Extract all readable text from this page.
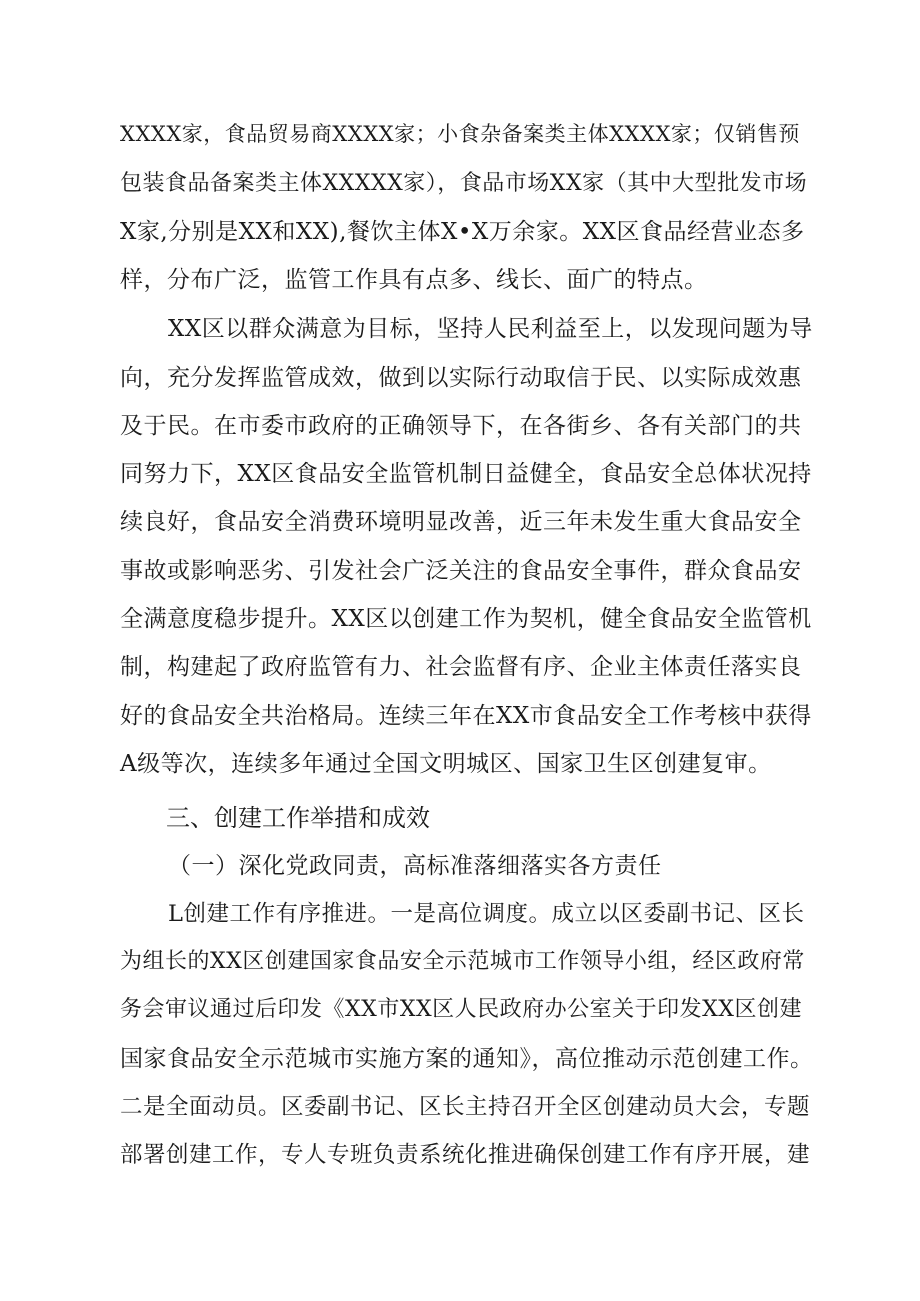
XXXX家，食品贸易商XXXX家；小食杂备案类主体XXXX家；仅销售预
包装食品备案类主体XXXXX家），食品市场XX家（其中大型批发市场
X家,分别是XX和XX),餐饮主体X•X万余家。XX区食品经营业态多
样，分布广泛，监管工作具有点多、线长、面广的特点。
XX区以群众满意为目标，坚持人民利益至上，以发现问题为导
向，充分发挥监管成效，做到以实际行动取信于民、以实际成效惠
及于民。在市委市政府的正确领导下，在各街乡、各有关部门的共
同努力下，XX区食品安全监管机制日益健全，食品安全总体状况持
续良好，食品安全消费环境明显改善，近三年未发生重大食品安全
事故或影响恶劣、引发社会广泛关注的食品安全事件，群众食品安
全满意度稳步提升。XX区以创建工作为契机，健全食品安全监管机
制，构建起了政府监管有力、社会监督有序、企业主体责任落实良
好的食品安全共治格局。连续三年在XX市食品安全工作考核中获得
A级等次，连续多年通过全国文明城区、国家卫生区创建复审。
三、创建工作举措和成效
（一）深化党政同责，高标准落细落实各方责任
L创建工作有序推进。一是高位调度。成立以区委副书记、区长
为组长的XX区创建国家食品安全示范城市工作领导小组，经区政府常
务会审议通过后印发《XX市XX区人民政府办公室关于印发XX区创建
国家食品安全示范城市实施方案的通知》，高位推动示范创建工作。
二是全面动员。区委副书记、区长主持召开全区创建动员大会，专题
部署创建工作，专人专班负责系统化推进确保创建工作有序开展，建
